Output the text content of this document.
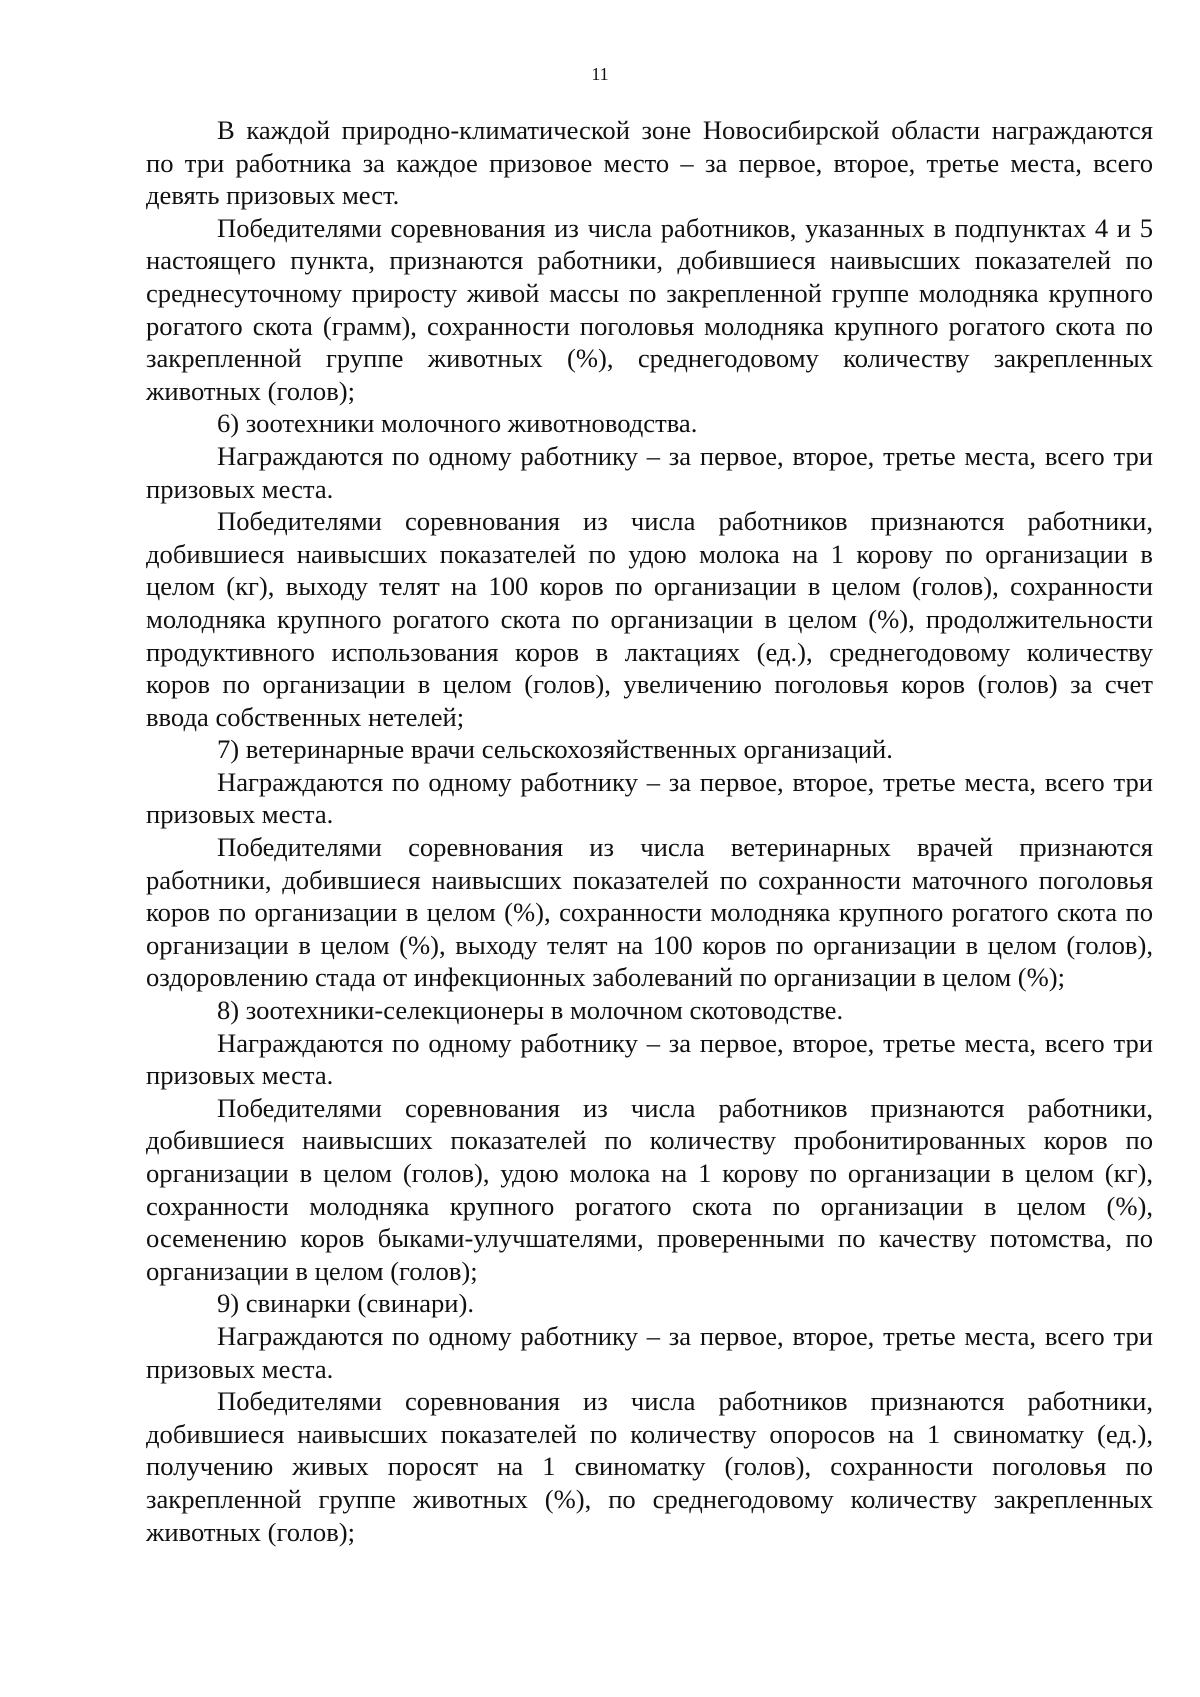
11

В каждой природно-климатической зоне Новосибирской области награждаются по три работника за каждое призовое место – за первое, второе, третье места, всего девять призовых мест.

Победителями соревнования из числа работников, указанных в подпунктах 4 и 5 настоящего пункта, признаются работники, добившиеся наивысших показателей по среднесуточному приросту живой массы по закрепленной группе молодняка крупного рогатого скота (грамм), сохранности поголовья молодняка крупного рогатого скота по закрепленной группе животных (%), среднегодовому количеству закрепленных животных (голов);

6) зоотехники молочного животноводства.

Награждаются по одному работнику – за первое, второе, третье места, всего три призовых места.

Победителями соревнования из числа работников признаются работники, добившиеся наивысших показателей по удою молока на 1 корову по организации в целом (кг), выходу телят на 100 коров по организации в целом (голов), сохранности молодняка крупного рогатого скота по организации в целом (%), продолжительности продуктивного использования коров в лактациях (ед.), среднегодовому количеству коров по организации в целом (голов), увеличению поголовья коров (голов) за счет ввода собственных нетелей;

7) ветеринарные врачи сельскохозяйственных организаций.

Награждаются по одному работнику – за первое, второе, третье места, всего три призовых места.

Победителями соревнования из числа ветеринарных врачей признаются работники, добившиеся наивысших показателей по сохранности маточного поголовья коров по организации в целом (%), сохранности молодняка крупного рогатого скота по организации в целом (%), выходу телят на 100 коров по организации в целом (голов), оздоровлению стада от инфекционных заболеваний по организации в целом (%);

8) зоотехники-селекционеры в молочном скотоводстве.

Награждаются по одному работнику – за первое, второе, третье места, всего три призовых места.

Победителями соревнования из числа работников признаются работники, добившиеся наивысших показателей по количеству пробонитированных коров по организации в целом (голов), удою молока на 1 корову по организации в целом (кг), сохранности молодняка крупного рогатого скота по организации в целом (%), осеменению коров быками-улучшателями, проверенными по качеству потомства, по организации в целом (голов);

9) свинарки (свинари).

Награждаются по одному работнику – за первое, второе, третье места, всего три призовых места.

Победителями соревнования из числа работников признаются работники, добившиеся наивысших показателей по количеству опоросов на 1 свиноматку (ед.), получению живых поросят на 1 свиноматку (голов), сохранности поголовья по закрепленной группе животных (%), по среднегодовому количеству закрепленных животных (голов);
